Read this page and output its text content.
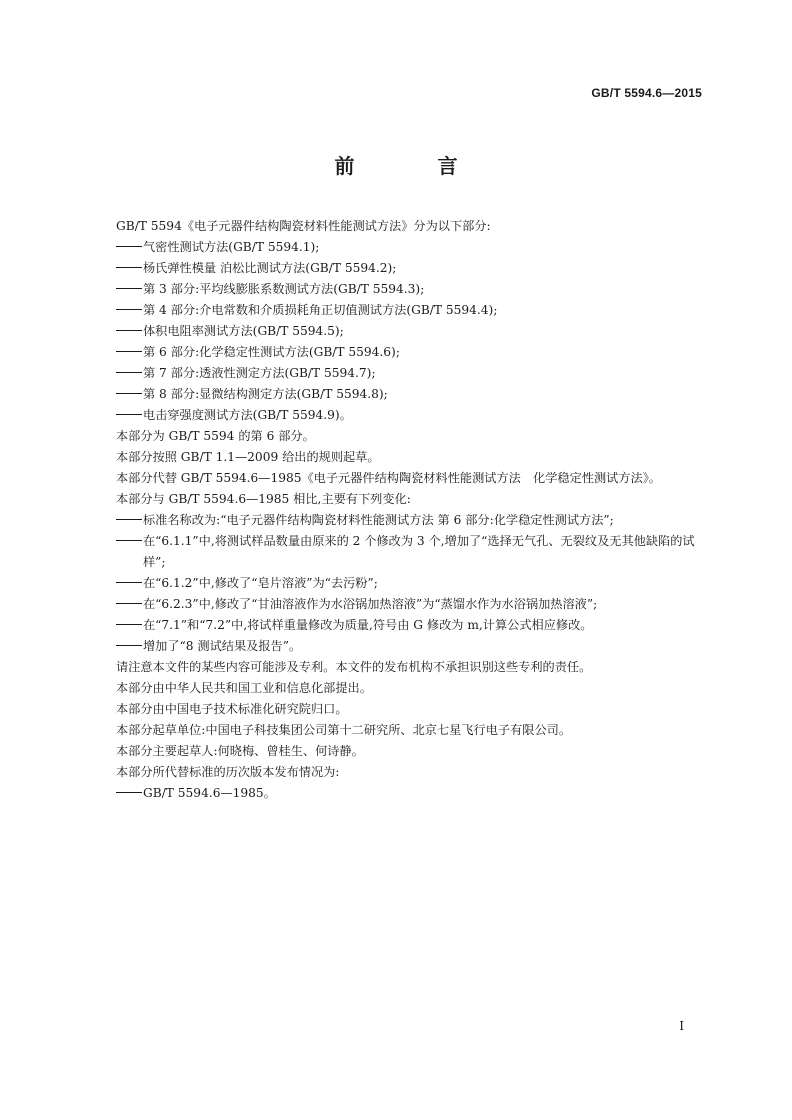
GB/T 5594.6—2015
前 言

GB/T 5594《电子元器件结构陶瓷材料性能测试方法》分为以下部分:

气密性测试方法(GB/T 5594.1);

杨氏弹性模量 泊松比测试方法(GB/T 5594.2);

第 3 部分:平均线膨胀系数测试方法(GB/T 5594.3);

第 4 部分:介电常数和介质损耗角正切值测试方法(GB/T 5594.4);

体积电阻率测试方法(GB/T 5594.5);

第 6 部分:化学稳定性测试方法(GB/T 5594.6);

第 7 部分:透液性测定方法(GB/T 5594.7);

第 8 部分:显微结构测定方法(GB/T 5594.8);

电击穿强度测试方法(GB/T 5594.9)。

本部分为 GB/T 5594 的第 6 部分。

本部分按照 GB/T 1.1—2009 给出的规则起草。

本部分代替 GB/T 5594.6—1985《电子元器件结构陶瓷材料性能测试方法　化学稳定性测试方法》。

本部分与 GB/T 5594.6—1985 相比,主要有下列变化:

标准名称改为:“电子元器件结构陶瓷材料性能测试方法 第 6 部分:化学稳定性测试方法”;

在“6.1.1”中,将测试样品数量由原来的 2 个修改为 3 个,增加了“选择无气孔、无裂纹及无其他缺陷的试样”;

在“6.1.2”中,修改了“皂片溶液”为“去污粉”;

在“6.2.3”中,修改了“甘油溶液作为水浴锅加热溶液”为“蒸馏水作为水浴锅加热溶液”;

在“7.1”和“7.2”中,将试样重量修改为质量,符号由 G 修改为 m,计算公式相应修改。

增加了“8 测试结果及报告”。

请注意本文件的某些内容可能涉及专利。本文件的发布机构不承担识别这些专利的责任。

本部分由中华人民共和国工业和信息化部提出。

本部分由中国电子技术标准化研究院归口。

本部分起草单位:中国电子科技集团公司第十二研究所、北京七星飞行电子有限公司。

本部分主要起草人:何晓梅、曾桂生、何诗静。

本部分所代替标准的历次版本发布情况为:

GB/T 5594.6—1985。

I
